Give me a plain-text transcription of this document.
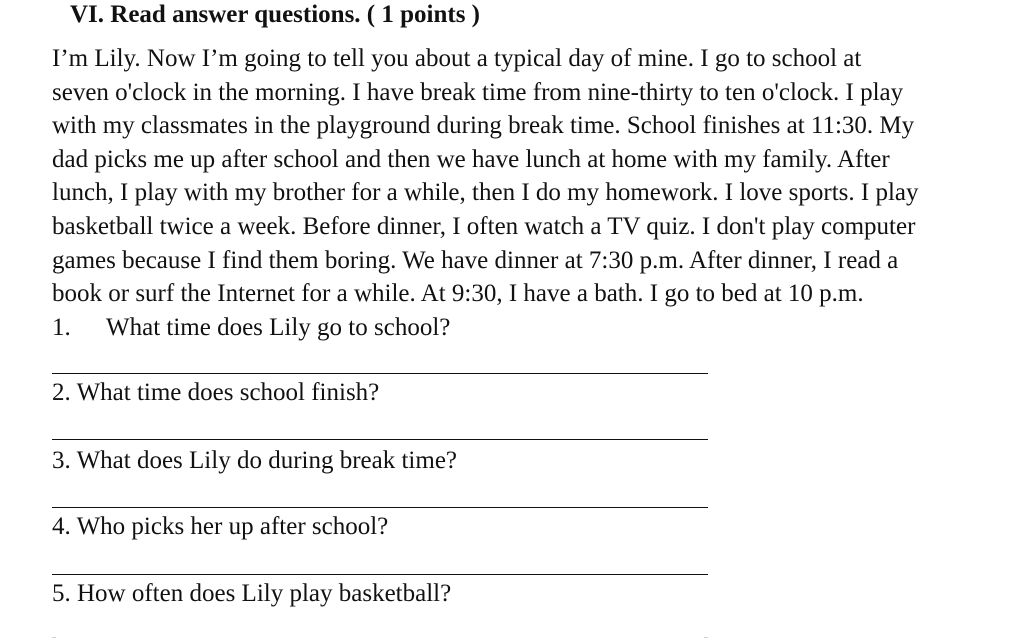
VI. Read answer questions. ( 1 points )
I’m Lily. Now I’m going to tell you about a typical day of mine. I go to school at
seven o'clock in the morning. I have break time from nine-thirty to ten o'clock. I play
with my classmates in the playground during break time. School finishes at 11:30. My
dad picks me up after school and then we have lunch at home with my family. After
lunch, I play with my brother for a while, then I do my homework. I love sports. I play
basketball twice a week. Before dinner, I often watch a TV quiz. I don't play computer
games because I find them boring. We have dinner at 7:30 p.m. After dinner, I read a
book or surf the Internet for a while. At 9:30, I have a bath. I go to bed at 10 p.m.
1. What time does Lily go to school?
2. What time does school finish?
3. What does Lily do during break time?
4. Who picks her up after school?
5. How often does Lily play basketball?
